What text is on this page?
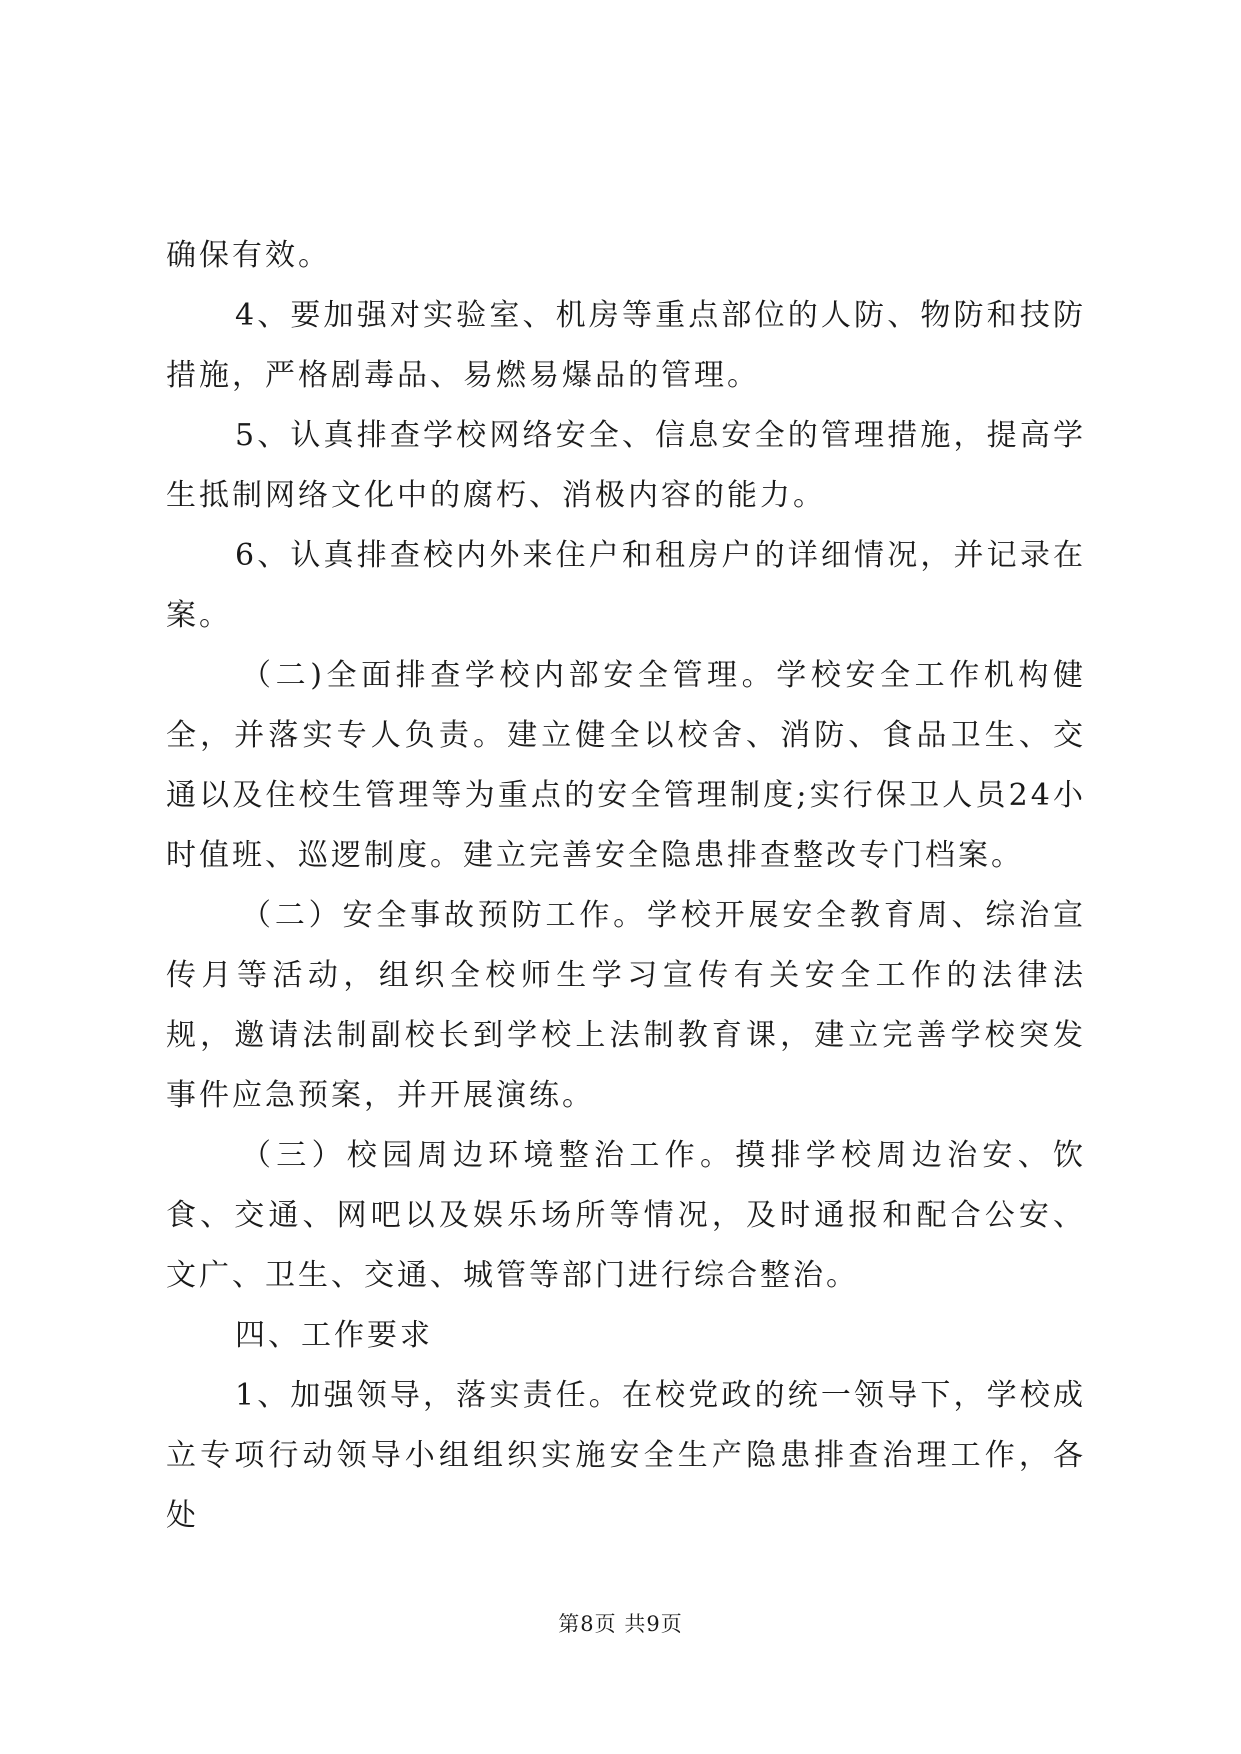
确保有效。

4、要加强对实验室、机房等重点部位的人防、物防和技防措施，严格剧毒品、易燃易爆品的管理。

5、认真排查学校网络安全、信息安全的管理措施，提高学生抵制网络文化中的腐朽、消极内容的能力。

6、认真排查校内外来住户和租房户的详细情况，并记录在案。

（二)全面排查学校内部安全管理。学校安全工作机构健全，并落实专人负责。建立健全以校舍、消防、食品卫生、交通以及住校生管理等为重点的安全管理制度;实行保卫人员24小时值班、巡逻制度。建立完善安全隐患排查整改专门档案。

（二）安全事故预防工作。学校开展安全教育周、综治宣传月等活动，组织全校师生学习宣传有关安全工作的法律法规，邀请法制副校长到学校上法制教育课，建立完善学校突发事件应急预案，并开展演练。

（三）校园周边环境整治工作。摸排学校周边治安、饮食、交通、网吧以及娱乐场所等情况，及时通报和配合公安、文广、卫生、交通、城管等部门进行综合整治。

四、工作要求

1、加强领导，落实责任。在校党政的统一领导下，学校成立专项行动领导小组组织实施安全生产隐患排查治理工作，各处

第8页 共9页
